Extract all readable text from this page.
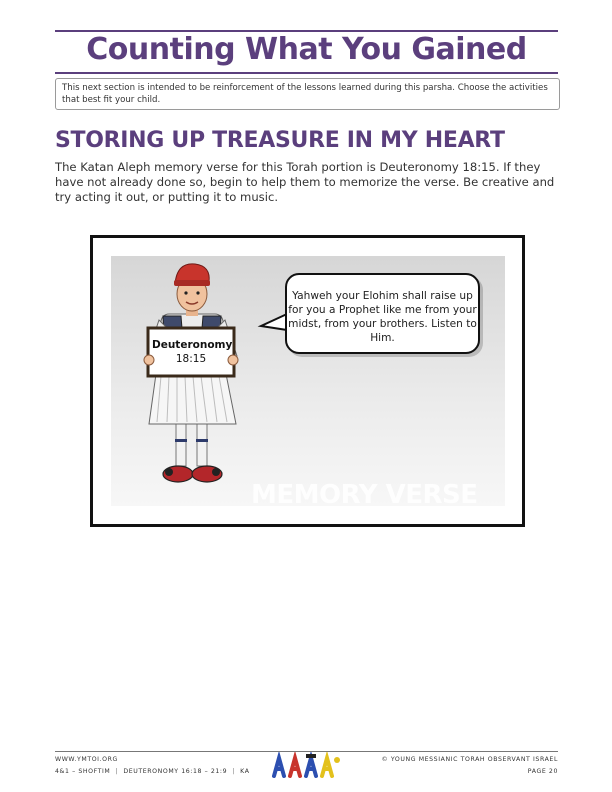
Counting What You Gained
This next section is intended to be reinforcement of the lessons learned during this parsha. Choose the activities that best fit your child.
STORING UP TREASURE IN MY HEART
The Katan Aleph memory verse for this Torah portion is Deuteronomy 18:15. If they have not already done so, begin to help them to memorize the verse. Be creative and try acting it out, or putting it to music.
Deuteronomy
18:15
Yahweh your Elohim shall raise up for you a Prophet like me from your midst, from your brothers. Listen to Him.
MEMORY VERSE
WWW.YMTOI.ORG
4&1 – SHOFTIM  |  DEUTERONOMY 16:18 – 21:9  |  KA
© YOUNG MESSIANIC TORAH OBSERVANT ISRAEL
PAGE 20
